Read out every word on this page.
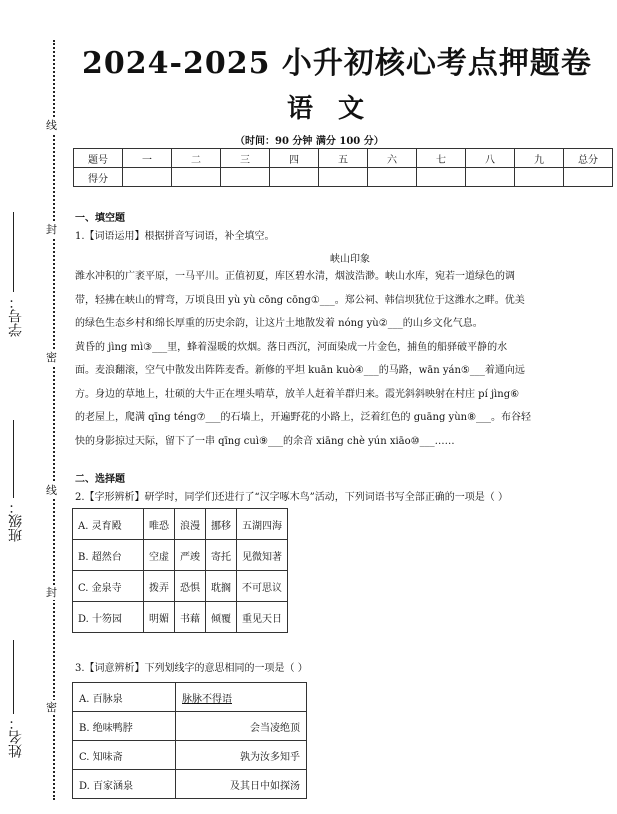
线
封
密
线
封
密
学号：
班级：
姓名：
2024-2025 小升初核心考点押题卷
语 文
（时间：90 分钟 满分 100 分）
题号	一	二	三	四	五	六	七	八	九	总分
得分										
一、填空题
1.【词语运用】根据拼音写词语，补全填空。
峡山印象
潍水冲积的广袤平原，一马平川。正值初夏，库区碧水清，烟波浩渺。峡山水库，宛若一道绿色的调
带，轻拂在峡山的臂弯，万顷良田 yù yù cōng cōng①___。郑公祠、韩信坝犹位于这潍水之畔。优美
的绿色生态乡村和绵长厚重的历史余韵，让这片土地散发着 nóng yù②___的山乡文化气息。
黄昏的 jìng mì③___里，蜂着湿暖的炊烟。落日西沉，河面染成一片金色，捕鱼的船驿破平静的水
面。麦浪翻滚，空气中散发出阵阵麦香。新修的平坦 kuān kuò④___的马路，wān yán⑤___着通向远
方。身边的草地上，壮硕的大牛正在埋头啃草，放羊人赶着羊群归来。霞光斜斜映射在村庄 pí jìng⑥
的老屋上，爬满 qīng téng⑦___的石墙上，开遍野花的小路上，泛着红色的 guāng yùn⑧___。布谷轻
快的身影掠过天际，留下了一串 qīng cuì⑨___的余音 xiāng chè yún xiāo⑩___……
二、选择题
2.【字形辨析】研学时，同学们还进行了“汉字啄木鸟”活动，下列词语书写全部正确的一项是（ ）
A. 灵育殿	唯恐	浪漫	挪移	五湖四海
B. 超然台	空虚	严竣	寄托	见微知著
C. 金泉寺	拨弄	恐惧	耽搁	不可思议
D. 十笏园	明媚	书藉	倾覆	重见天日
3.【词意辨析】下列划线字的意思相同的一项是（ ）
A. 百脉泉	脉脉不得语
B. 绝味鸭脖	会当凌绝顶
C. 知味斋	孰为汝多知乎
D. 百家涵泉	及其日中如探汤
